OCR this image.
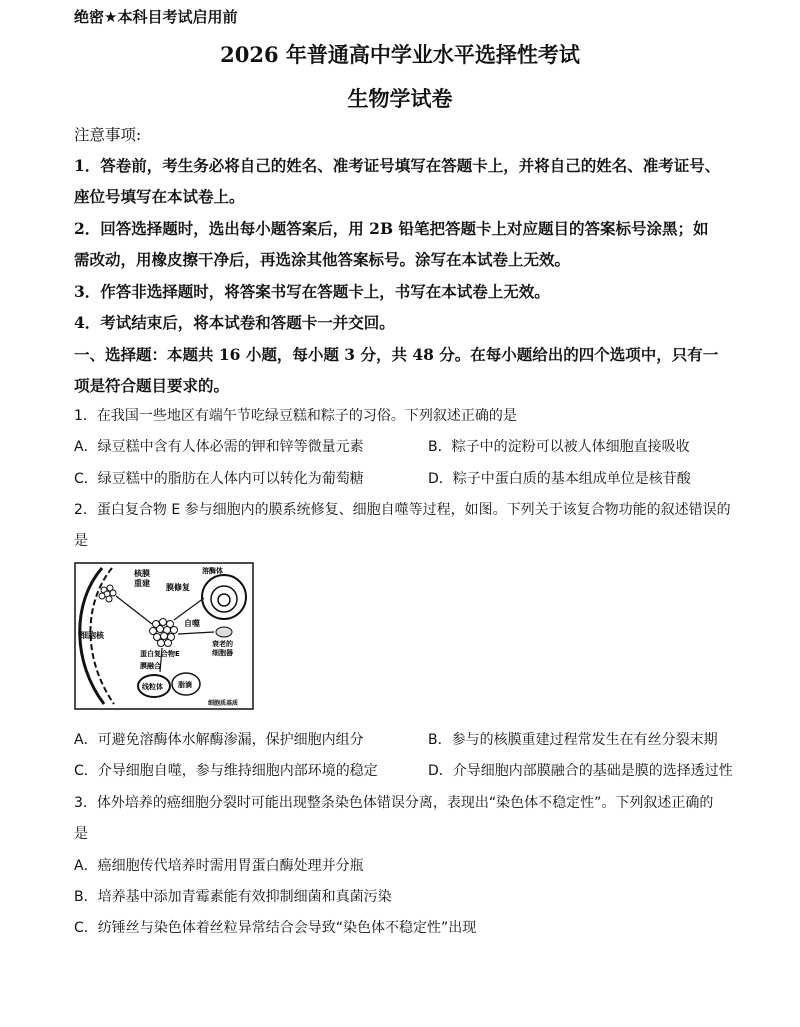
绝密★本科目考试启用前
2026 年普通高中学业水平选择性考试
生物学试卷
注意事项:
1．答卷前，考生务必将自己的姓名、准考证号填写在答题卡上，并将自己的姓名、准考证号、
座位号填写在本试卷上。
2．回答选择题时，选出每小题答案后，用 2B 铅笔把答题卡上对应题目的答案标号涂黑；如
需改动，用橡皮擦干净后，再选涂其他答案标号。涂写在本试卷上无效。
3．作答非选择题时，将答案书写在答题卡上，书写在本试卷上无效。
4．考试结束后，将本试卷和答题卡一并交回。
一、选择题：本题共 16 小题，每小题 3 分，共 48 分。在每小题给出的四个选项中，只有一
项是符合题目要求的。
1．在我国一些地区有端午节吃绿豆糕和粽子的习俗。下列叙述正确的是
A．绿豆糕中含有人体必需的钾和锌等微量元素	B．粽子中的淀粉可以被人体细胞直接吸收
C．绿豆糕中的脂肪在人体内可以转化为葡萄糖	D．粽子中蛋白质的基本组成单位是核苷酸
2．蛋白复合物 E 参与细胞内的膜系统修复、细胞自噬等过程，如图。下列关于该复合物功能的叙述错误的
是
核膜
重建 膜修复
溶酶体
细胞核
自噬
衰老的
细胞器
蛋白复合物E
膜融合
线粒体 脂滴
细胞质基质
A．可避免溶酶体水解酶渗漏，保护细胞内组分	B．参与的核膜重建过程常发生在有丝分裂末期
C．介导细胞自噬，参与维持细胞内部环境的稳定	D．介导细胞内部膜融合的基础是膜的选择透过性
3．体外培养的癌细胞分裂时可能出现整条染色体错误分离，表现出“染色体不稳定性”。下列叙述正确的
是
A．癌细胞传代培养时需用胃蛋白酶处理并分瓶
B．培养基中添加青霉素能有效抑制细菌和真菌污染
C．纺锤丝与染色体着丝粒异常结合会导致“染色体不稳定性”出现
